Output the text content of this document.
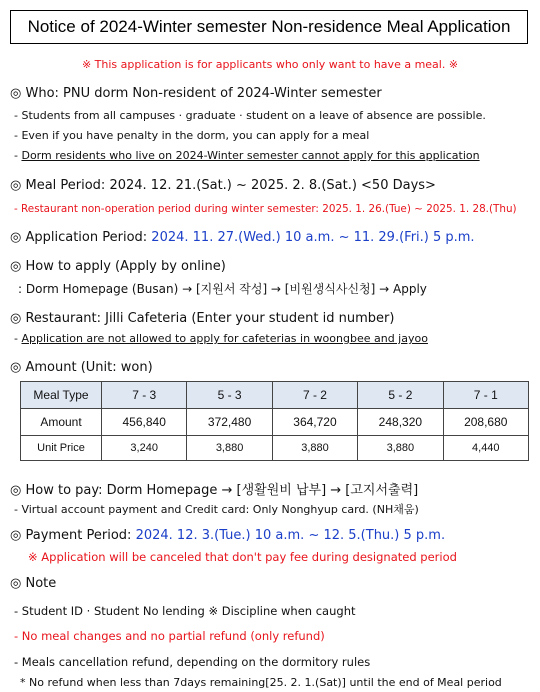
Notice of 2024-Winter semester Non-residence Meal Application
※ This application is for applicants who only want to have a meal. ※
◎ Who: PNU dorm Non-resident of 2024-Winter semester
- Students from all campuses · graduate · student on a leave of absence are possible.
- Even if you have penalty in the dorm, you can apply for a meal
- Dorm residents who live on 2024-Winter semester cannot apply for this application
◎ Meal Period: 2024. 12. 21.(Sat.) ~ 2025. 2. 8.(Sat.) <50 Days>
- Restaurant non-operation period during winter semester: 2025. 1. 26.(Tue) ~ 2025. 1. 28.(Thu)
◎ Application Period: 2024. 11. 27.(Wed.) 10 a.m. ~ 11. 29.(Fri.) 5 p.m.
◎ How to apply (Apply by online)
: Dorm Homepage (Busan) → [지원서 작성] → [비원생식사신청] → Apply
◎ Restaurant: Jilli Cafeteria (Enter your student id number)
- Application are not allowed to apply for cafeterias in woongbee and jayoo
◎ Amount (Unit: won)
Meal Type	7 - 3	5 - 3	7 - 2	5 - 2	7 - 1
Amount	456,840	372,480	364,720	248,320	208,680
Unit Price	3,240	3,880	3,880	3,880	4,440
◎ How to pay: Dorm Homepage → [생활원비 납부] → [고지서출력]
- Virtual account payment and Credit card: Only Nonghyup card. (NH채움)
◎ Payment Period: 2024. 12. 3.(Tue.) 10 a.m. ~ 12. 5.(Thu.) 5 p.m.
※ Application will be canceled that don't pay fee during designated period
◎ Note
- Student ID · Student No lending ※ Discipline when caught
- No meal changes and no partial refund (only refund)
- Meals cancellation refund, depending on the dormitory rules
* No refund when less than 7days remaining[25. 2. 1.(Sat)] until the end of Meal period
